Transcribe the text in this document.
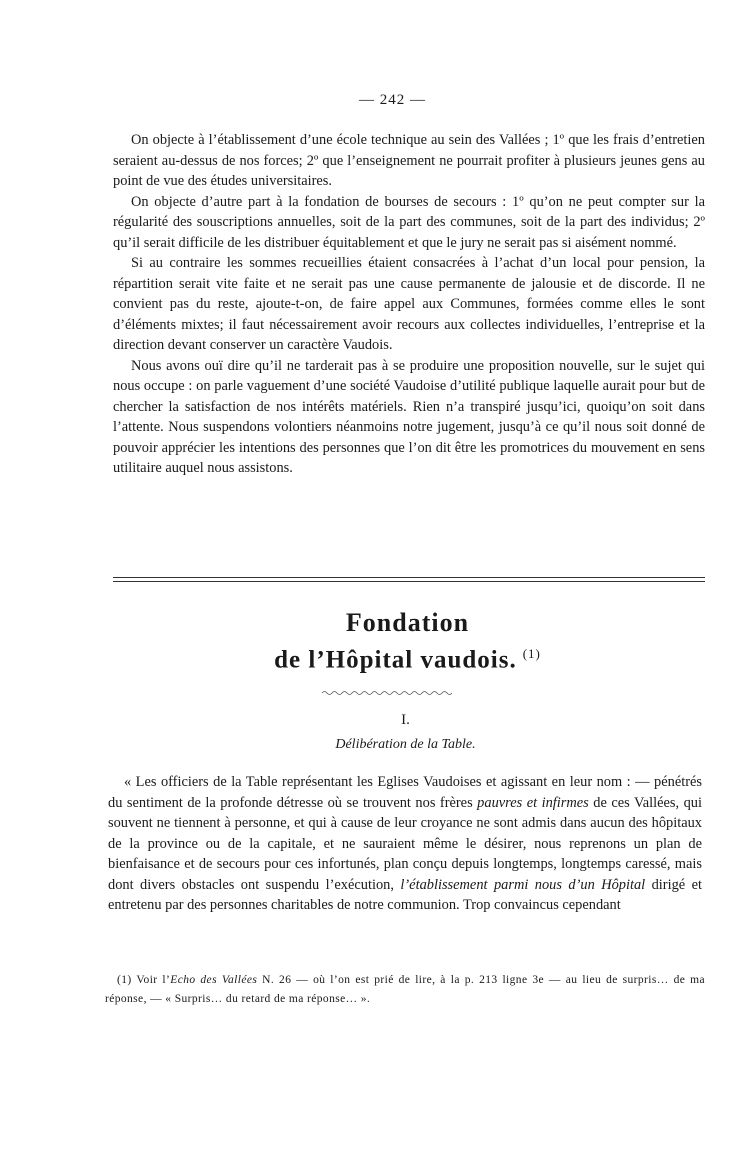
— 242 —

On objecte à l’établissement d’une école technique au sein des Vallées ; 1º que les frais d’entretien seraient au-dessus de nos forces; 2º que l’enseignement ne pourrait profiter à plusieurs jeunes gens au point de vue des études universitaires.

On objecte d’autre part à la fondation de bourses de secours : 1º qu’on ne peut compter sur la régularité des souscriptions annuelles, soit de la part des communes, soit de la part des individus; 2º qu’il serait difficile de les distribuer équitablement et que le jury ne serait pas si aisément nommé.

Si au contraire les sommes recueillies étaient consacrées à l’achat d’un local pour pension, la répartition serait vite faite et ne serait pas une cause permanente de jalousie et de discorde. Il ne convient pas du reste, ajoute-t-on, de faire appel aux Communes, formées comme elles le sont d’éléments mixtes; il faut nécessairement avoir recours aux collectes individuelles, l’entreprise et la direction devant conserver un caractère Vaudois.

Nous avons ouï dire qu’il ne tarderait pas à se produire une proposition nouvelle, sur le sujet qui nous occupe : on parle vaguement d’une société Vaudoise d’utilité publique laquelle aurait pour but de chercher la satisfaction de nos intérêts matériels. Rien n’a transpiré jusqu’ici, quoiqu’on soit dans l’attente. Nous suspendons volontiers néanmoins notre jugement, jusqu’à ce qu’il nous soit donné de pouvoir apprécier les intentions des personnes que l’on dit être les promotrices du mouvement en sens utilitaire auquel nous assistons.

Fondation
de l’Hôpital vaudois. $^{(1)}$
I.
Délibération de la Table.

« Les officiers de la Table représentant les Eglises Vaudoises et agissant en leur nom : — pénétrés du sentiment de la profonde détresse où se trouvent nos frères pauvres et infirmes de ces Vallées, qui souvent ne tiennent à personne, et qui à cause de leur croyance ne sont admis dans aucun des hôpitaux de la province ou de la capitale, et ne sauraient même le désirer, nous reprenons un plan de bienfaisance et de secours pour ces infortunés, plan conçu depuis longtemps, longtemps caressé, mais dont divers obstacles ont suspendu l’exécution, l’établissement parmi nous d’un Hôpital dirigé et entretenu par des personnes charitables de notre communion. Trop convaincus cependant

(1) Voir l’Echo des Vallées N. 26 — où l’on est prié de lire, à la p. 213 ligne 3e — au lieu de surpris… de ma réponse, — « Surpris… du retard de ma réponse… ».
